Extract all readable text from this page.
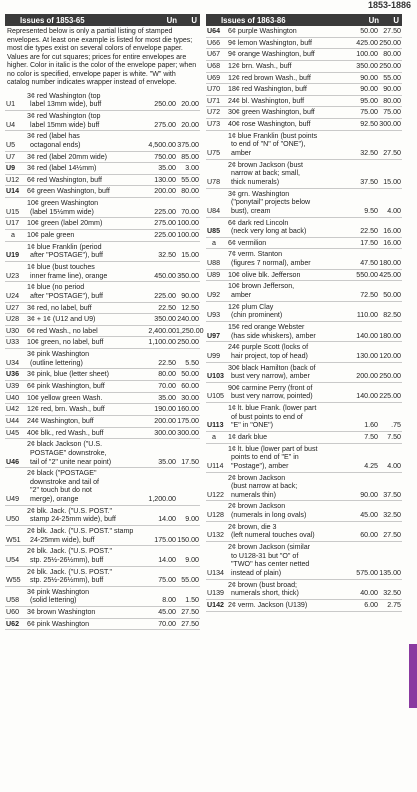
1853-1886
Issues of 1853-65	Un	U
Represented below is only a partial listing of stamped envelopes. At least one example is listed for most die types; most die types exist on several colors of envelope paper. Values are for cut squares; prices for entire envelopes are higher. Color in italic is the color of the envelope paper; when no color is specified, envelope paper is white. "W" with catalog number indicates wrapper instead of envelope.
U1
3¢ red Washington (top
label 13mm wide), buff	250.00 20.00
U4
3¢ red Washington (top
label 15mm wide) buff	275.00 20.00
U5
3¢ red (label has
octagonal ends)	4,500.00 375.00
U7	3¢ red (label 20mm wide)	750.00 85.00
U9	3¢ red (label 14½mm)	35.00	3.00
U12	6¢ red Washington, buff	130.00 55.00
U14	6¢ green Washington, buff	200.00 80.00
U15
10¢ green Washington
(label 15½mm wide)	225.00 70.00
U17	10¢ green (label 20mm)	275.00 100.00
a	10¢ pale green	225.00 100.00
U19
1¢ blue Franklin (period
after "POSTAGE"), buff	32.50 15.00
U23
1¢ blue (bust touches
inner frame line), orange	450.00 350.00
U24
1¢ blue (no period
after "POSTAGE"), buff	225.00 90.00
U27	3¢ red, no label, buff	22.50 12.50
U28	3¢ + 1¢ (U12 and U9)	350.00 240.00
U30	6¢ red Wash., no label	2,400.00 1,250.00
U33	10¢ green, no label, buff	1,100.00 250.00
U34
3¢ pink Washington
(outline lettering)	22.50	5.50
U36	3¢ pink, blue (letter sheet)	80.00 50.00
U39	6¢ pink Washington, buff	70.00 60.00
U40	10¢ yellow green Wash.	35.00 30.00
U42	12¢ red, brn. Wash., buff	190.00 160.00
U44	24¢ Washington, buff	200.00 175.00
U45	40¢ blk., red Wash., buff	300.00 300.00
U46
2¢ black Jackson ("U.S.
POSTAGE" downstroke,
tail of "2" unite near point)	35.00 17.50
U49
2¢ black ("POSTAGE"
downstroke and tail of
"2" touch but do not
merge), orange	1,200.00
U50
2¢ blk. Jack. ("U.S. POST."
stamp 24-25mm wide), buff	14.00	9.00
W51
2¢ blk. Jack. ("U.S. POST." stamp
24-25mm wide), buff	175.00 150.00
U54
2¢ blk. Jack. ("U.S. POST."
stp. 25½-26½mm), buff	14.00	9.00
W55
2¢ blk. Jack. ("U.S. POST."
stp. 25½-26½mm), buff	75.00 55.00
U58
3¢ pink Washington
(solid lettering)	8.00	1.50
U60	3¢ brown Washington	45.00 27.50
U62	6¢ pink Washington	70.00 27.50
Issues of 1863-86	Un	U
U64	6¢ purple Washington	50.00 27.50
U66	9¢ lemon Washington, buff	425.00 250.00
U67	9¢ orange Washington, buff	100.00 80.00
U68	12¢ brn. Wash., buff	350.00 250.00
U69	12¢ red brown Wash., buff	90.00 55.00
U70	18¢ red Washington, buff	90.00 90.00
U71	24¢ bl. Washington, buff	95.00 80.00
U72	30¢ green Washington, buff	75.00 75.00
U73	40¢ rose Washington, buff	92.50 300.00
U75
1¢ blue Franklin (bust points
to end of "N" of "ONE"),
amber	32.50 27.50
U78
2¢ brown Jackson (bust
narrow at back; small,
thick numerals)	37.50 15.00
U84
3¢ grn. Washington
("ponytail" projects below
bust), cream	9.50	4.00
U85
6¢ dark red Lincoln
(neck very long at back)	22.50 16.00
a	6¢ vermilion	17.50 16.00
U88
7¢ verm. Stanton
(figures 7 normal), amber	47.50 180.00
U89	10¢ olive blk. Jefferson	550.00 425.00
U92
10¢ brown Jefferson,
amber	72.50 50.00
U93
12¢ plum Clay
(chin prominent)	110.00 82.50
U97
15¢ red orange Webster
(has side whiskers), amber	140.00 180.00
U99
24¢ purple Scott (locks of
hair project, top of head)	130.00 120.00
U103
30¢ black Hamilton (back of
bust very narrow), amber	200.00 250.00
U105
90¢ carmine Perry (front of
bust very narrow, pointed)	140.00 225.00
U113
1¢ lt. blue Frank. (lower part
of bust points to end of
"E" in "ONE")	1.60	.75
a	1¢ dark blue	7.50	7.50
U114
1¢ lt. blue (lower part of bust
points to end of "E" in
"Postage"), amber	4.25	4.00
U122
2¢ brown Jackson
(bust narrow at back;
numerals thin)	90.00 37.50
U128
2¢ brown Jackson
(numerals in long ovals)	45.00 32.50
U132
2¢ brown, die 3
(left numeral touches oval)	60.00 27.50
U134
2¢ brown Jackson (similar
to U128-31 but "O" of
"TWO" has center netted
instead of plain)	575.00 135.00
U139
2¢ brown (bust broad;
numerals short, thick)	40.00 32.50
U142 2¢ verm. Jackson (U139)	6.00	2.75
